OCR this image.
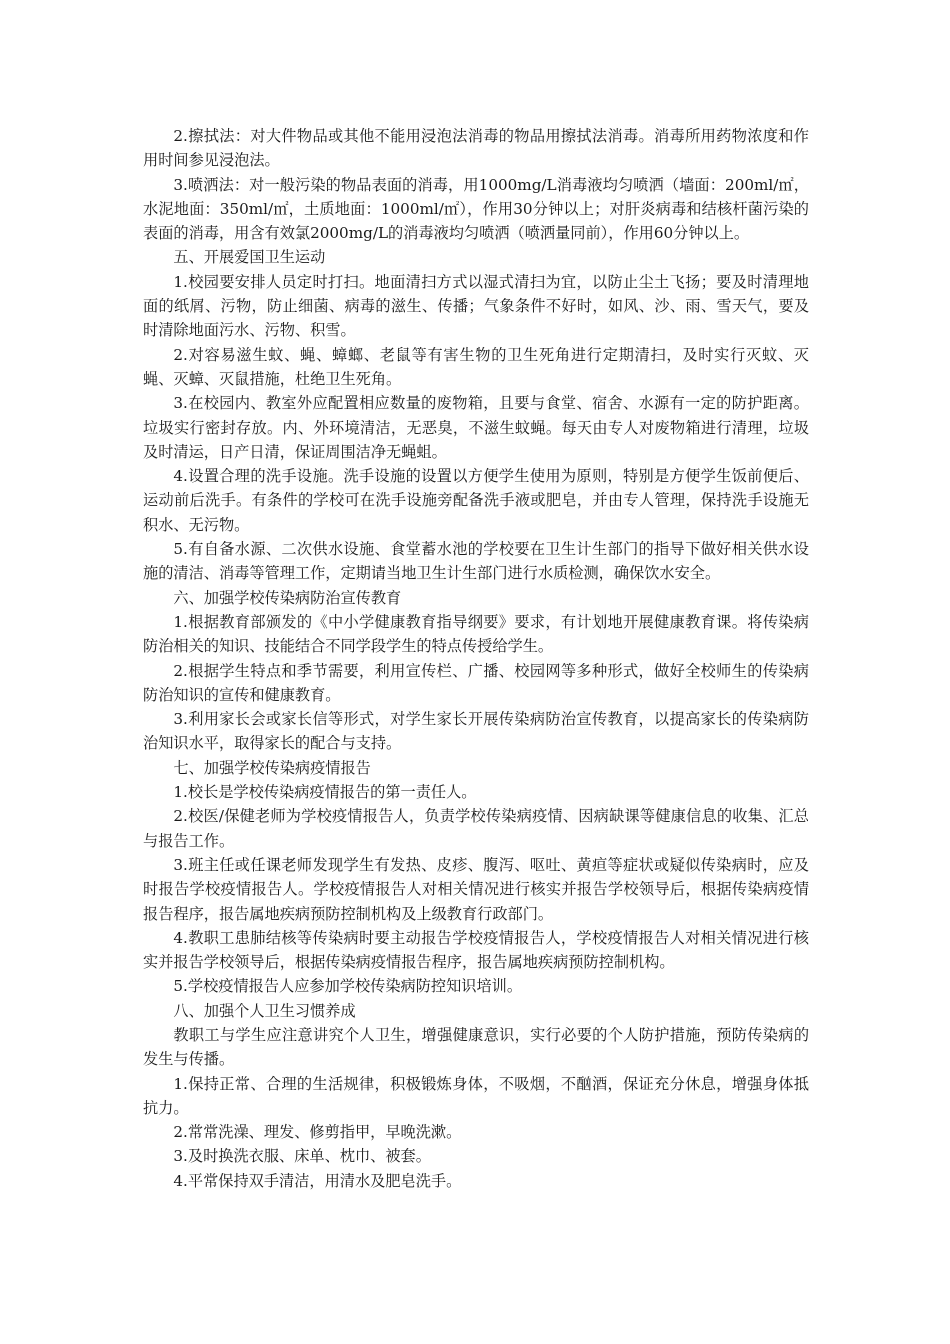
2.擦拭法：对大件物品或其他不能用浸泡法消毒的物品用擦拭法消毒。消毒所用药物浓度和作用时间参见浸泡法。

3.喷洒法：对一般污染的物品表面的消毒，用1000mg/L消毒液均匀喷洒（墙面：200ml/㎡，水泥地面：350ml/㎡，土质地面：1000ml/㎡），作用30分钟以上；对肝炎病毒和结核杆菌污染的表面的消毒，用含有效氯2000mg/L的消毒液均匀喷洒（喷洒量同前），作用60分钟以上。

五、开展爱国卫生运动

1.校园要安排人员定时打扫。地面清扫方式以湿式清扫为宜，以防止尘土飞扬；要及时清理地面的纸屑、污物，防止细菌、病毒的滋生、传播；气象条件不好时，如风、沙、雨、雪天气，要及时清除地面污水、污物、积雪。

2.对容易滋生蚊、蝇、蟑螂、老鼠等有害生物的卫生死角进行定期清扫，及时实行灭蚊、灭蝇、灭蟑、灭鼠措施，杜绝卫生死角。

3.在校园内、教室外应配置相应数量的废物箱，且要与食堂、宿舍、水源有一定的防护距离。垃圾实行密封存放。内、外环境清洁，无恶臭，不滋生蚊蝇。每天由专人对废物箱进行清理，垃圾及时清运，日产日清，保证周围洁净无蝇蛆。

4.设置合理的洗手设施。洗手设施的设置以方便学生使用为原则，特别是方便学生饭前便后、运动前后洗手。有条件的学校可在洗手设施旁配备洗手液或肥皂，并由专人管理，保持洗手设施无积水、无污物。

5.有自备水源、二次供水设施、食堂蓄水池的学校要在卫生计生部门的指导下做好相关供水设施的清洁、消毒等管理工作，定期请当地卫生计生部门进行水质检测，确保饮水安全。

六、加强学校传染病防治宣传教育

1.根据教育部颁发的《中小学健康教育指导纲要》要求，有计划地开展健康教育课。将传染病防治相关的知识、技能结合不同学段学生的特点传授给学生。

2.根据学生特点和季节需要，利用宣传栏、广播、校园网等多种形式，做好全校师生的传染病防治知识的宣传和健康教育。

3.利用家长会或家长信等形式，对学生家长开展传染病防治宣传教育，以提高家长的传染病防治知识水平，取得家长的配合与支持。

七、加强学校传染病疫情报告

1.校长是学校传染病疫情报告的第一责任人。

2.校医/保健老师为学校疫情报告人，负责学校传染病疫情、因病缺课等健康信息的收集、汇总与报告工作。

3.班主任或任课老师发现学生有发热、皮疹、腹泻、呕吐、黄疸等症状或疑似传染病时，应及时报告学校疫情报告人。学校疫情报告人对相关情况进行核实并报告学校领导后，根据传染病疫情报告程序，报告属地疾病预防控制机构及上级教育行政部门。

4.教职工患肺结核等传染病时要主动报告学校疫情报告人，学校疫情报告人对相关情况进行核实并报告学校领导后，根据传染病疫情报告程序，报告属地疾病预防控制机构。

5.学校疫情报告人应参加学校传染病防控知识培训。

八、加强个人卫生习惯养成

教职工与学生应注意讲究个人卫生，增强健康意识，实行必要的个人防护措施，预防传染病的发生与传播。

1.保持正常、合理的生活规律，积极锻炼身体，不吸烟，不酗酒，保证充分休息，增强身体抵抗力。

2.常常洗澡、理发、修剪指甲，早晚洗漱。

3.及时换洗衣服、床单、枕巾、被套。

4.平常保持双手清洁，用清水及肥皂洗手。
